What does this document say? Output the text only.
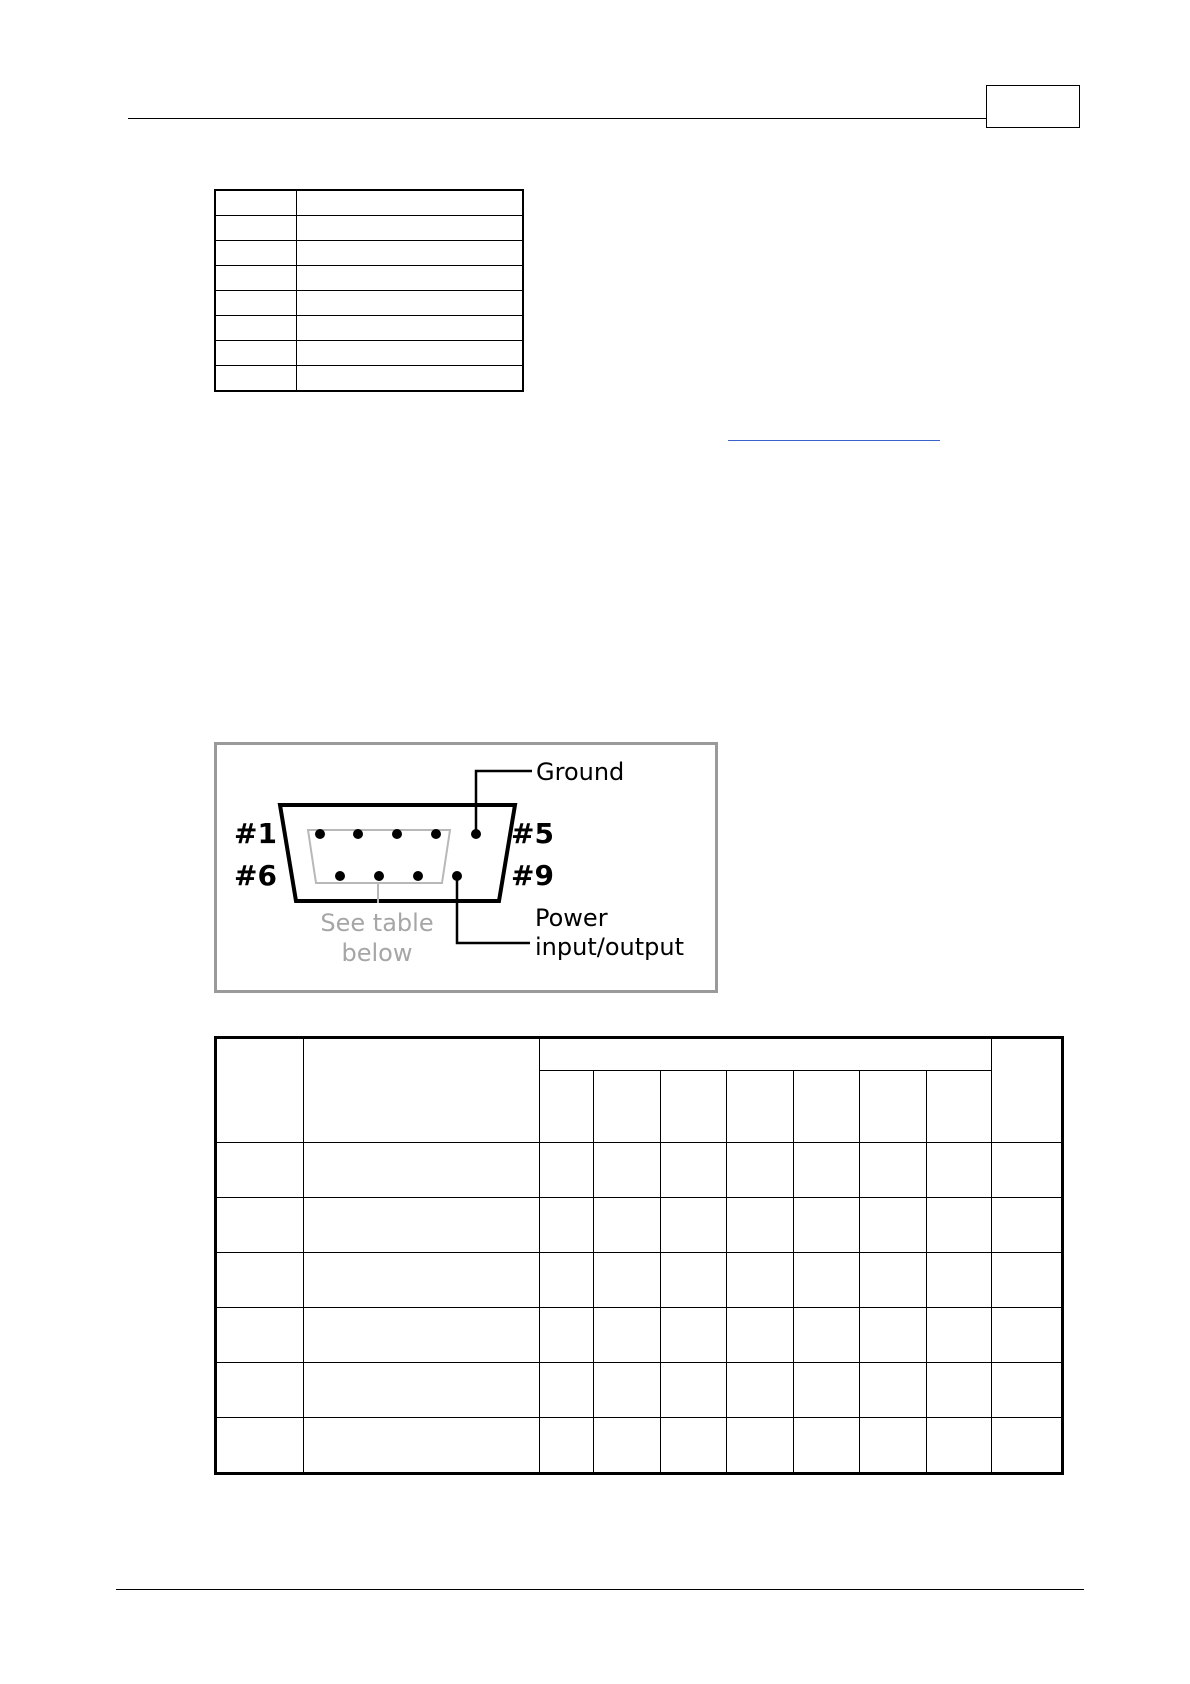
Ground
#1
#6
#5
#9
See table
below
Power
input/output
